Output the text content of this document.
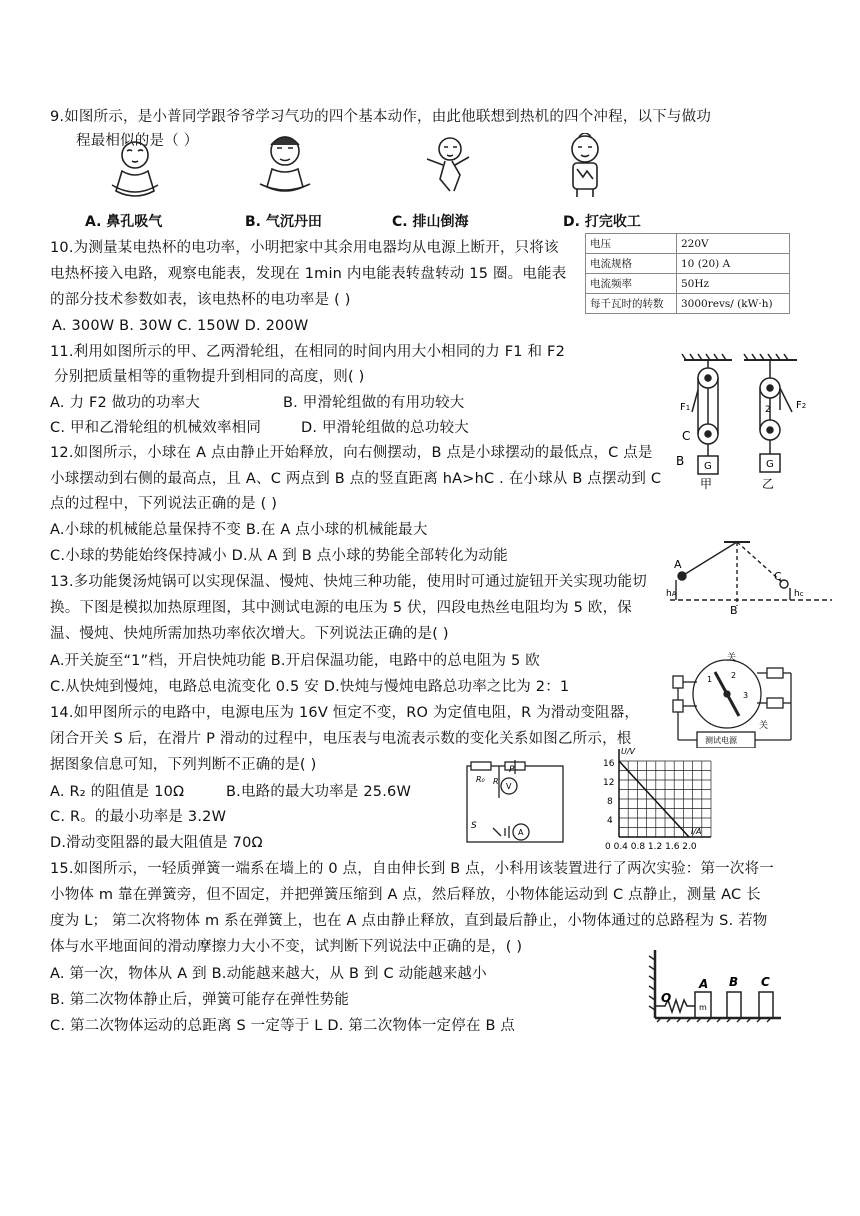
9.如图所示，是小普同学跟爷爷学习气功的四个基本动作，由此他联想到热机的四个冲程，以下与做功
程最相似的是（ ）
A. 鼻孔吸气	B. 气沉丹田	C. 排山倒海	D. 打完收工
10.为测量某电热杯的电功率，小明把家中其余用电器均从电源上断开，只将该
电热杯接入电路，观察电能表，发现在 1min 内电能表转盘转动 15 圈。电能表
的部分技术参数如表，该电热杯的电功率是 ( )
A. 300W B. 30W C. 150W D. 200W
电压	220V
电流规格	10 (20) A
电流频率	50Hz
每千瓦时的转数	3000revs/ (kW·h)
11.利用如图所示的甲、乙两滑轮组，在相同的时间内用大小相同的力 F1 和 F2
分别把质量相等的重物提升到相同的高度，则( )
A. 力 F2 做功的功率大	B. 甲滑轮组做的有用功较大
C. 甲和乙滑轮组的机械效率相同	D. 甲滑轮组做的总功较大
F1	F2
C
B G	G
2
甲	乙
12.如图所示，小球在 A 点由静止开始释放，向右侧摆动，B 点是小球摆动的最低点，C 点是
小球摆动到右侧的最高点，且 A、C 两点到 B 点的竖直距离 hA>hC . 在小球从 B 点摆动到 C
点的过程中，下列说法正确的是 ( )
A.小球的机械能总量保持不变 B.在 A 点小球的机械能最大
C.小球的势能始终保持减小 D.从 A 到 B 点小球的势能全部转化为动能
A
B
C
hA	hc
13.多功能煲汤炖锅可以实现保温、慢炖、快炖三种功能，使用时可通过旋钮开关实现功能切
换。下图是模拟加热原理图，其中测试电源的电压为 5 伏，四段电热丝电阻均为 5 欧，保
温、慢炖、快炖所需加热功率依次增大。下列说法正确的是( )
A.开关旋至“1”档，开启快炖功能 B.开启保温功能，电路中的总电阻为 5 欧
C.从快炖到慢炖，电路总电流变化 0.5 安 D.快炖与慢炖电路总功率之比为 2：1
关
关
1 2
3
测试电源
14.如甲图所示的电路中，电源电压为 16V 恒定不变，RO 为定值电阻，R 为滑动变阻器，
闭合开关 S 后，在滑片 P 滑动的过程中，电压表与电流表示数的变化关系如图乙所示，根
据图象信息可知，下列判断不正确的是( )
A. R₂ 的阻值是 10Ω	B.电路的最大功率是 25.6W
C. R。的最小功率是 3.2W
D.滑动变阻器的最大阻值是 70Ω
P
R₀ R
V
S
A
U/V
I/A
16
12
8
4
0 0.4 0.8 1.2 1.6 2.0
15.如图所示，一轻质弹簧一端系在墙上的 0 点，自由伸长到 B 点，小科用该装置进行了两次实验：第一次将一
小物体 m 靠在弹簧旁，但不固定，并把弹簧压缩到 A 点，然后释放，小物体能运动到 C 点静止，测量 AC 长
度为 L； 第二次将物体 m 系在弹簧上，也在 A 点由静止释放，直到最后静止，小物体通过的总路程为 S. 若物
体与水平地面间的滑动摩擦力大小不变，试判断下列说法中正确的是，( )
A. 第一次，物体从 A 到 B.动能越来越大，从 B 到 C 动能越来越小
B. 第二次物体静止后，弹簧可能存在弹性势能
C. 第二次物体运动的总距离 S 一定等于 L D. 第二次物体一定停在 B 点
O
A B C
m
